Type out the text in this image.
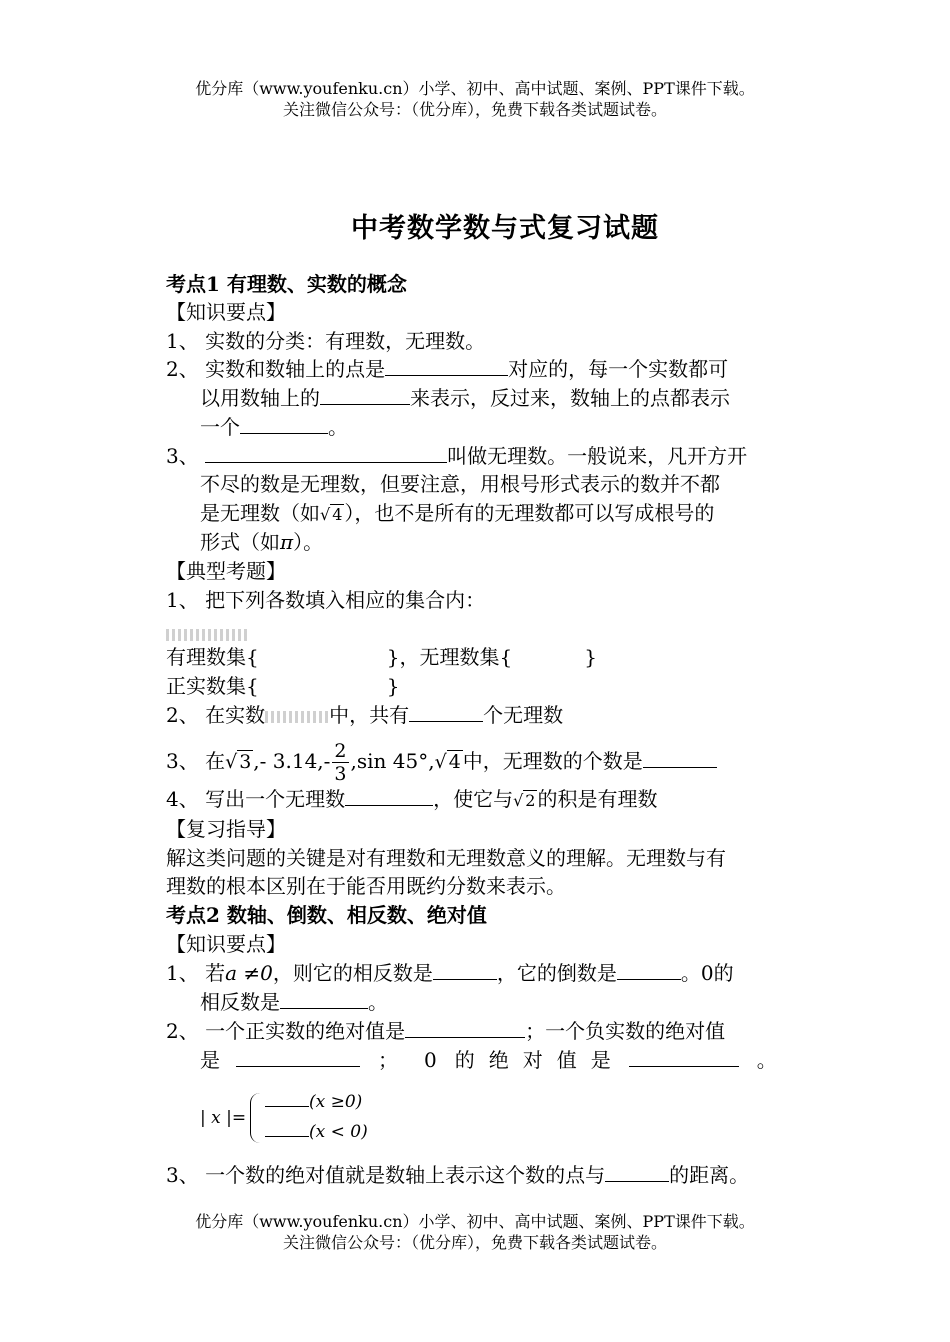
优分库（www.youfenku.cn）小学、初中、高中试题、案例、PPT课件下载。
关注微信公众号：（优分库），免费下载各类试题试卷。
中考数学数与式复习试题
考点1 有理数、实数的概念
【知识要点】
1、 实数的分类：有理数，无理数。
2、 实数和数轴上的点是	对应的，每一个实数都可
以用数轴上的	来表示，反过来，数轴上的点都表示
一个	。
3、	叫做无理数。一般说来，凡开方开
不尽的数是无理数，但要注意，用根号形式表示的数并不都
是无理数（如√ 4 ），也不是所有的无理数都可以写成根号的
形式（如π）。
【典型考题】
1、 把下列各数填入相应的集合内：
有理数集{	}，无理数集{	}
正实数集{	}
2、 在实数	中，共有	个无理数
3、 在√ 3 ,- $3.14,- \frac{2}{3} ,\sin$ 45°,√ 4 中，无理数的个数是
4、 写出一个无理数	，使它与√ 2 的积是有理数
【复习指导】
解这类问题的关键是对有理数和无理数意义的理解。无理数与有
理数的根本区别在于能否用既约分数来表示。
考点2 数轴、倒数、相反数、绝对值
【知识要点】
1、 若a ≠0，则它的相反数是	，它的倒数是	。0的
相反数是	。
2、 一个正实数的绝对值是	；一个负实数的绝对值
是	； 0 的 绝 对 值 是	。
| x |=
(x ≥0)
(x < 0)
3、 一个数的绝对值就是数轴上表示这个数的点与	的距离。
优分库（www.youfenku.cn）小学、初中、高中试题、案例、PPT课件下载。
关注微信公众号：（优分库），免费下载各类试题试卷。
